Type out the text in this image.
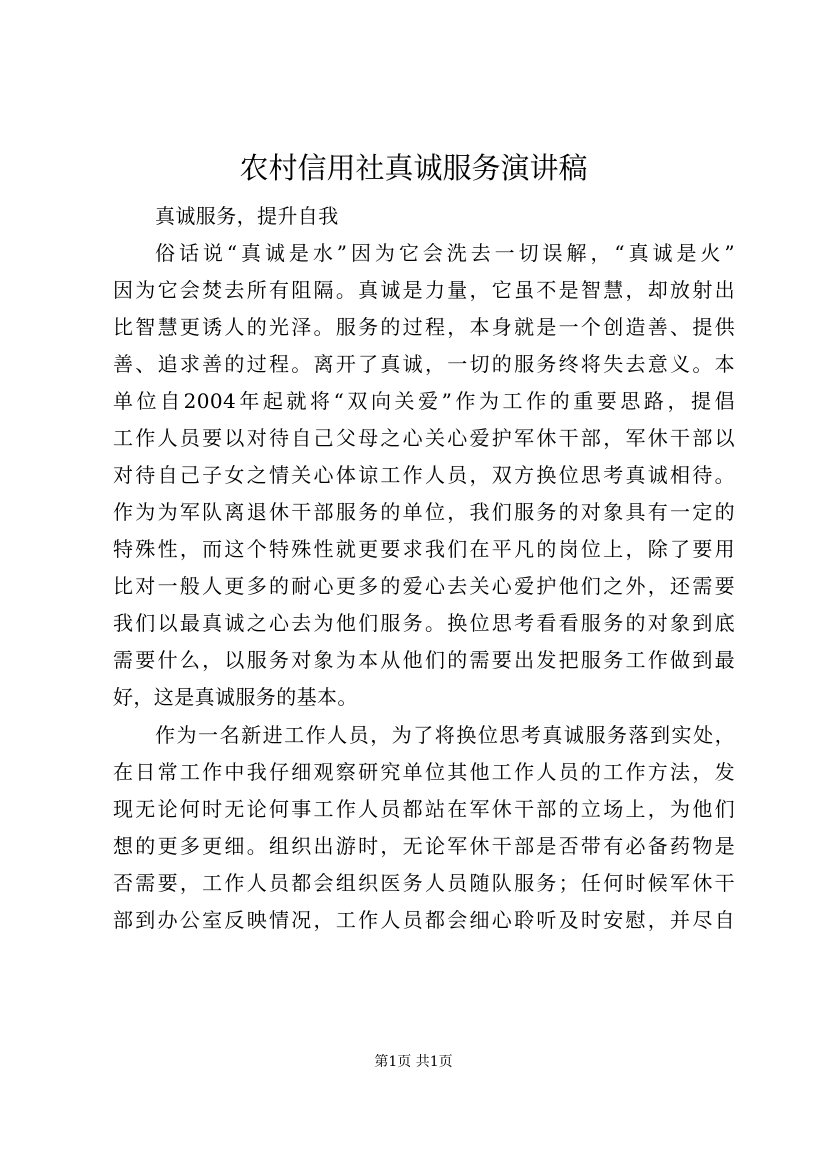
农村信用社真诚服务演讲稿
真诚服务，提升自我
俗话说“真诚是水”因为它会洗去一切误解，“真诚是火”
因为它会焚去所有阻隔。真诚是力量，它虽不是智慧，却放射出
比智慧更诱人的光泽。服务的过程，本身就是一个创造善、提供
善、追求善的过程。离开了真诚，一切的服务终将失去意义。本
单位自2004年起就将“双向关爱”作为工作的重要思路，提倡
工作人员要以对待自己父母之心关心爱护军休干部，军休干部以
对待自己子女之情关心体谅工作人员，双方换位思考真诚相待。
作为为军队离退休干部服务的单位，我们服务的对象具有一定的
特殊性，而这个特殊性就更要求我们在平凡的岗位上，除了要用
比对一般人更多的耐心更多的爱心去关心爱护他们之外，还需要
我们以最真诚之心去为他们服务。换位思考看看服务的对象到底
需要什么，以服务对象为本从他们的需要出发把服务工作做到最
好，这是真诚服务的基本。
作为一名新进工作人员，为了将换位思考真诚服务落到实处，
在日常工作中我仔细观察研究单位其他工作人员的工作方法，发
现无论何时无论何事工作人员都站在军休干部的立场上，为他们
想的更多更细。组织出游时，无论军休干部是否带有必备药物是
否需要，工作人员都会组织医务人员随队服务；任何时候军休干
部到办公室反映情况，工作人员都会细心聆听及时安慰，并尽自
第1页 共1页
